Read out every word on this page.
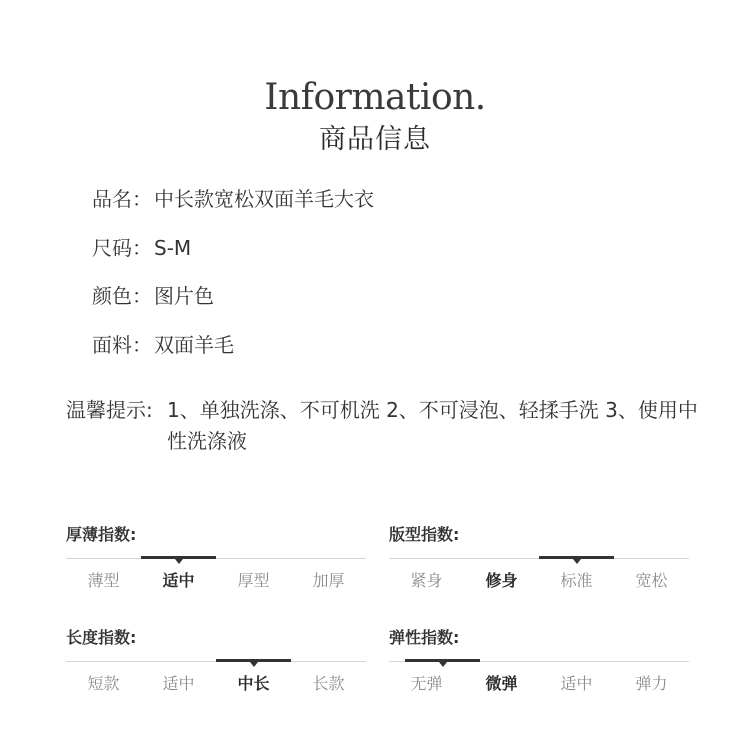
Information.
商品信息
品名： 中长款宽松双面羊毛大衣
尺码： S-M
颜色： 图片色
面料： 双面羊毛
温馨提示: 1、单独洗涤、不可机洗 2、不可浸泡、轻揉手洗 3、使用中性洗涤液
厚薄指数:
薄型	适中	厚型	加厚
版型指数:
紧身	修身	标准	宽松
长度指数:
短款	适中	中长	长款
弹性指数:
无弹	微弹	适中	弹力
